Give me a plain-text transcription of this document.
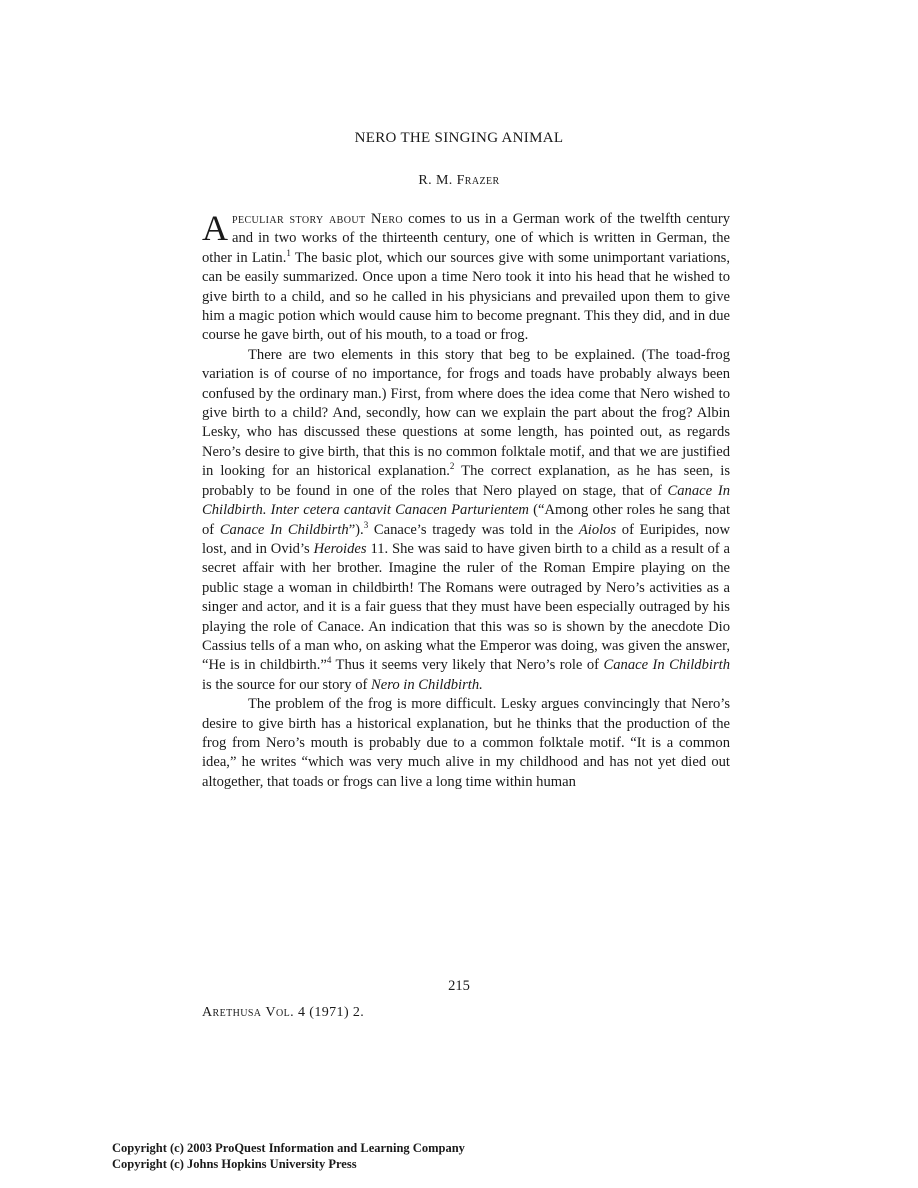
NERO THE SINGING ANIMAL
R. M. Frazer

Apeculiar story about Nero comes to us in a German work of the twelfth century and in two works of the thirteenth century, one of which is written in German, the other in Latin.$^1$ The basic plot, which our sources give with some unimportant variations, can be easily summarized. Once upon a time Nero took it into his head that he wished to give birth to a child, and so he called in his physicians and prevailed upon them to give him a magic potion which would cause him to become pregnant. This they did, and in due course he gave birth, out of his mouth, to a toad or frog.

There are two elements in this story that beg to be explained. (The toad-frog variation is of course of no importance, for frogs and toads have probably always been confused by the ordinary man.) First, from where does the idea come that Nero wished to give birth to a child? And, secondly, how can we explain the part about the frog? Albin Lesky, who has discussed these questions at some length, has pointed out, as regards Nero’s desire to give birth, that this is no common folktale motif, and that we are justified in looking for an historical explanation.$^2$ The correct explanation, as he has seen, is probably to be found in one of the roles that Nero played on stage, that of Canace In Childbirth. Inter cetera cantavit Canacen Parturientem (“Among other roles he sang that of Canace In Childbirth”).$^3$ Canace’s tragedy was told in the Aiolos of Euripides, now lost, and in Ovid’s Heroides 11. She was said to have given birth to a child as a result of a secret affair with her brother. Imagine the ruler of the Roman Empire playing on the public stage a woman in childbirth! The Romans were outraged by Nero’s activities as a singer and actor, and it is a fair guess that they must have been especially outraged by his playing the role of Canace. An indication that this was so is shown by the anecdote Dio Cassius tells of a man who, on asking what the Emperor was doing, was given the answer, “He is in childbirth.”$^4$ Thus it seems very likely that Nero’s role of Canace In Childbirth is the source for our story of Nero in Childbirth.

The problem of the frog is more difficult. Lesky argues convincingly that Nero’s desire to give birth has a historical explanation, but he thinks that the production of the frog from Nero’s mouth is probably due to a common folktale motif. “It is a common idea,” he writes “which was very much alive in my childhood and has not yet died out altogether, that toads or frogs can live a long time within human

215
Arethusa Vol. 4 (1971) 2.
Copyright (c) 2003 ProQuest Information and Learning Company
Copyright (c) Johns Hopkins University Press
